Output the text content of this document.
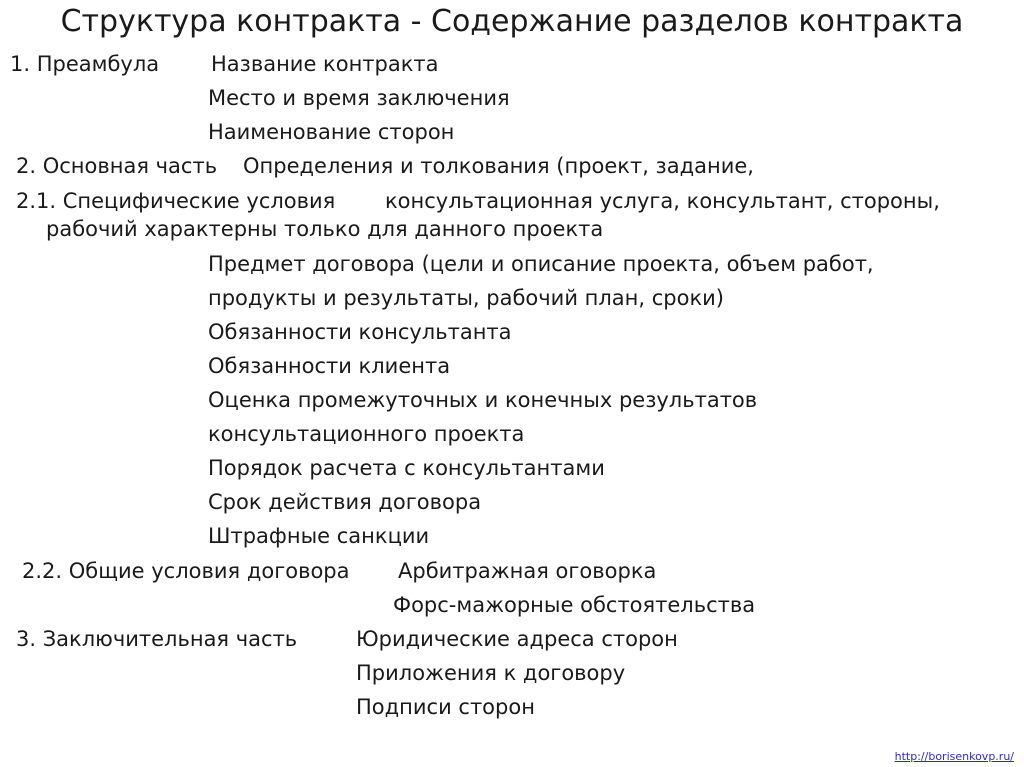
Структура контракта - Содержание разделов контракта
1. Преамбула Название контракта
Место и время заключения
Наименование сторон
2. Основная часть Определения и толкования (проект, задание,
2.1. Специфические условия консультационная услуга, консультант, стороны,
рабочий характерны только для данного проекта
Предмет договора (цели и описание проекта, объем работ,
продукты и результаты, рабочий план, сроки)
Обязанности консультанта
Обязанности клиента
Оценка промежуточных и конечных результатов
консультационного проекта
Порядок расчета с консультантами
Срок действия договора
Штрафные санкции
2.2. Общие условия договора Арбитражная оговорка
Форс-мажорные обстоятельства
3. Заключительная часть	Юридические адреса сторон
Приложения к договору
Подписи сторон
http://borisenkovp.ru/
